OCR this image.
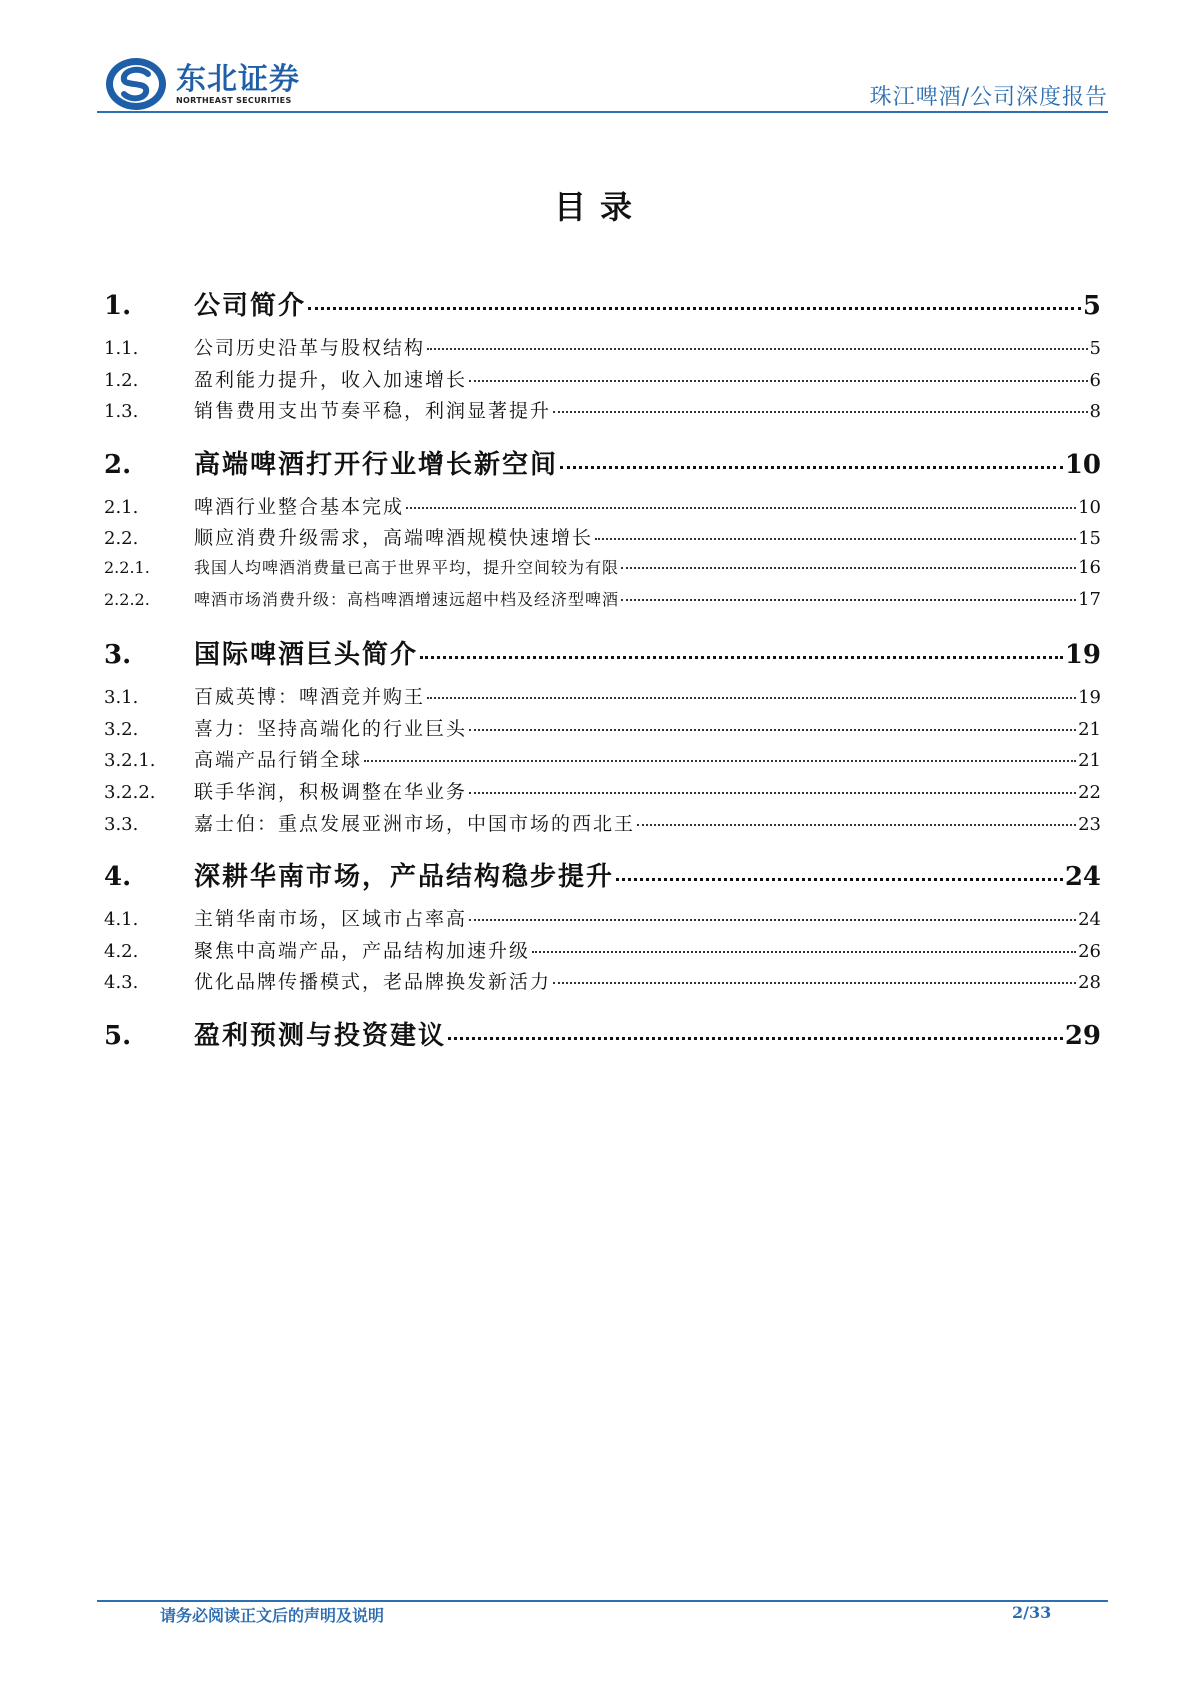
东北证券
NORTHEAST SECURITIES	珠江啤酒/公司深度报告
目录
1.	公司简介	5
1.1.	公司历史沿革与股权结构	5
1.2.	盈利能力提升，收入加速增长	6
1.3.	销售费用支出节奏平稳，利润显著提升	8
2.	高端啤酒打开行业增长新空间	10
2.1.	啤酒行业整合基本完成	10
2.2.	顺应消费升级需求，高端啤酒规模快速增长	15
2.2.1.	我国人均啤酒消费量已高于世界平均，提升空间较为有限	16
2.2.2.	啤酒市场消费升级：高档啤酒增速远超中档及经济型啤酒	17
3.	国际啤酒巨头简介	19
3.1.	百威英博：啤酒竞并购王	19
3.2.	喜力：坚持高端化的行业巨头	21
3.2.1.	高端产品行销全球	21
3.2.2.	联手华润，积极调整在华业务	22
3.3.	嘉士伯：重点发展亚洲市场，中国市场的西北王	23
4.	深耕华南市场，产品结构稳步提升	24
4.1.	主销华南市场，区域市占率高	24
4.2.	聚焦中高端产品，产品结构加速升级	26
4.3.	优化品牌传播模式，老品牌换发新活力	28
5.	盈利预测与投资建议	29
请务必阅读正文后的声明及说明	2/33
